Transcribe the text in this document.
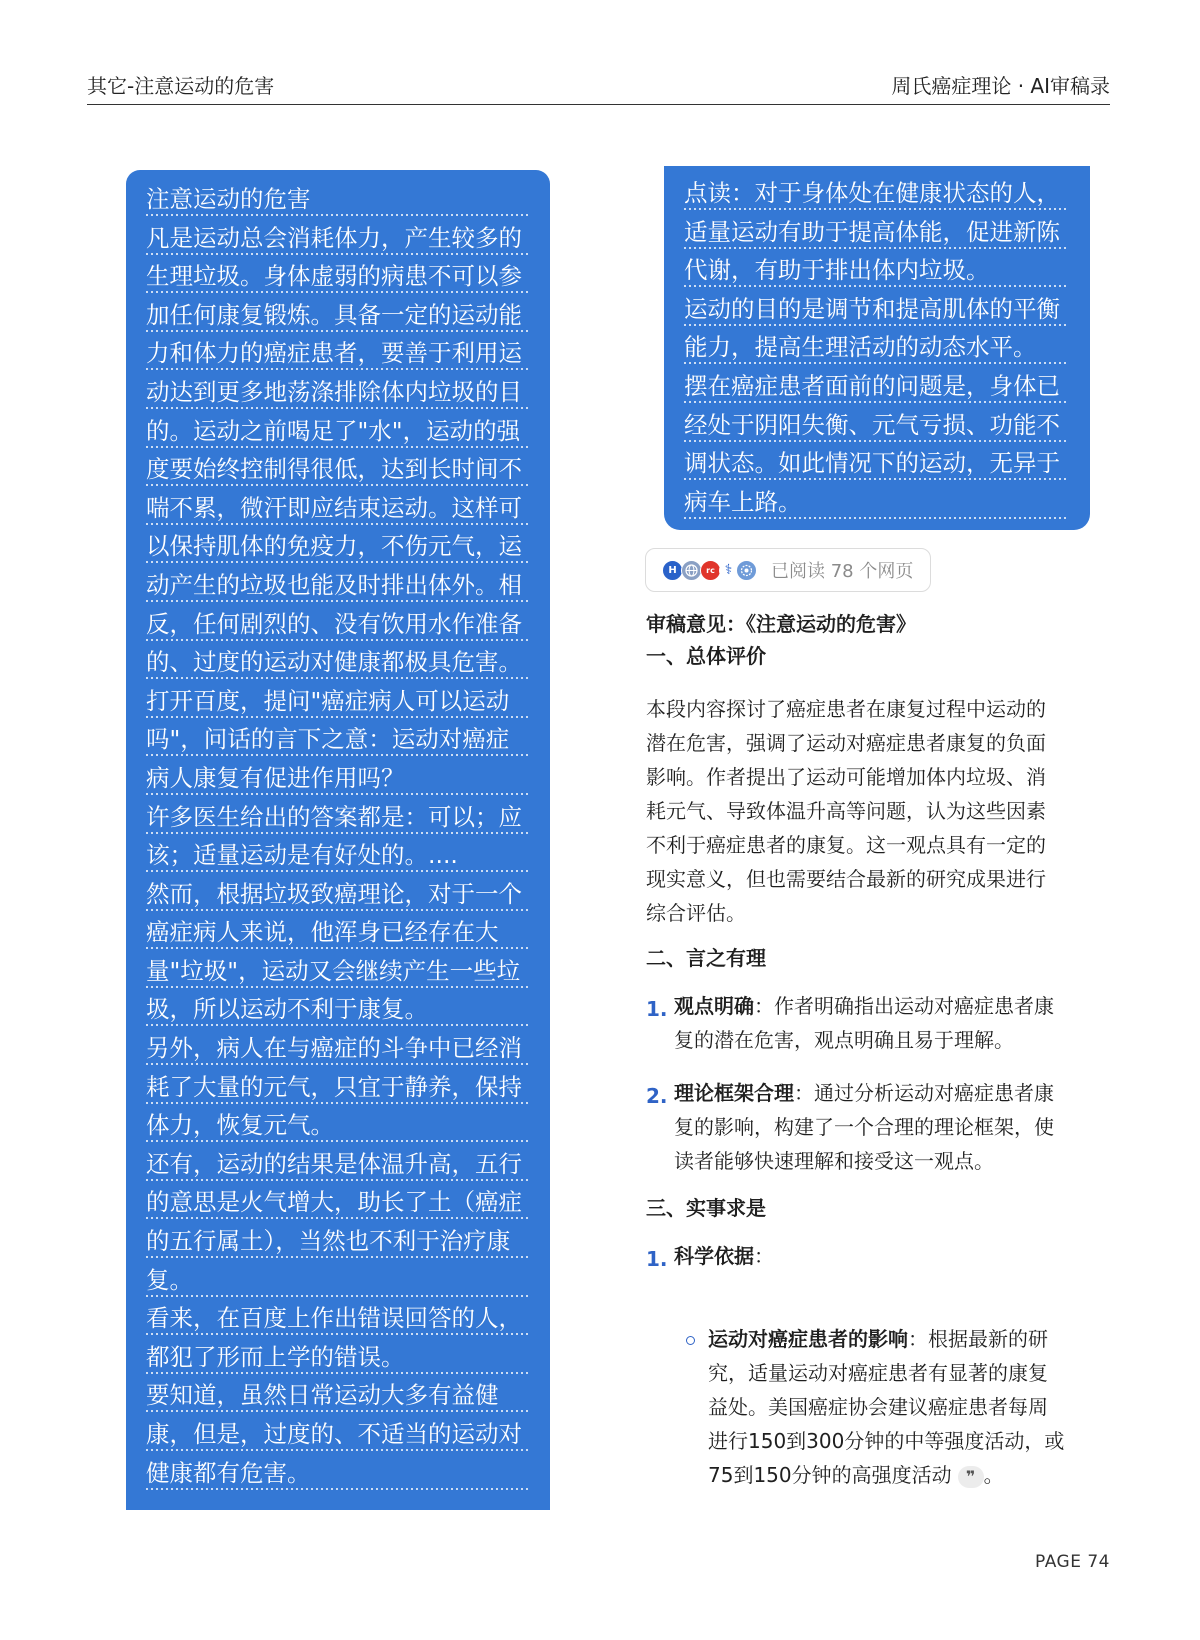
其它-注意运动的危害	周氏癌症理论 · AI审稿录
注意运动的危害
凡是运动总会消耗体力，产生较多的
生理垃圾。身体虚弱的病患不可以参
加任何康复锻炼。具备一定的运动能
力和体力的癌症患者，要善于利用运
动达到更多地荡涤排除体内垃圾的目
的。运动之前喝足了"水"，运动的强
度要始终控制得很低，达到长时间不
喘不累，微汗即应结束运动。这样可
以保持肌体的免疫力，不伤元气，运
动产生的垃圾也能及时排出体外。相
反，任何剧烈的、没有饮用水作准备
的、过度的运动对健康都极具危害。
打开百度，提问"癌症病人可以运动
吗"，问话的言下之意：运动对癌症
病人康复有促进作用吗？
许多医生给出的答案都是：可以；应
该；适量运动是有好处的。....
然而，根据垃圾致癌理论，对于一个
癌症病人来说，他浑身已经存在大
量"垃圾"，运动又会继续产生一些垃
圾，所以运动不利于康复。
另外，病人在与癌症的斗争中已经消
耗了大量的元气，只宜于静养，保持
体力，恢复元气。
还有，运动的结果是体温升高，五行
的意思是火气增大，助长了土（癌症
的五行属土），当然也不利于治疗康
复。
看来，在百度上作出错误回答的人，
都犯了形而上学的错误。
要知道，虽然日常运动大多有益健
康，但是，过度的、不适当的运动对
健康都有危害。
点读：对于身体处在健康状态的人，
适量运动有助于提高体能，促进新陈
代谢，有助于排出体内垃圾。
运动的目的是调节和提高肌体的平衡
能力，提高生理活动的动态水平。
摆在癌症患者面前的问题是，身体已
经处于阴阳失衡、元气亏损、功能不
调状态。如此情况下的运动，无异于
病车上路。
H	rc ⚕	已阅读 78 个网页
审稿意见：《注意运动的危害》
一、总体评价
本段内容探讨了癌症患者在康复过程中运动的
潜在危害，强调了运动对癌症患者康复的负面
影响。作者提出了运动可能增加体内垃圾、消
耗元气、导致体温升高等问题，认为这些因素
不利于癌症患者的康复。这一观点具有一定的
现实意义，但也需要结合最新的研究成果进行
综合评估。
二、言之有理
1. 观点明确：作者明确指出运动对癌症患者康
复的潜在危害，观点明确且易于理解。
2. 理论框架合理：通过分析运动对癌症患者康
复的影响，构建了一个合理的理论框架，使
读者能够快速理解和接受这一观点。
三、实事求是
1. 科学依据：
运动对癌症患者的影响：根据最新的研
究，适量运动对癌症患者有显著的康复
益处。美国癌症协会建议癌症患者每周
进行150到300分钟的中等强度活动，或
75到150分钟的高强度活动 ❞ 。
PAGE 74
